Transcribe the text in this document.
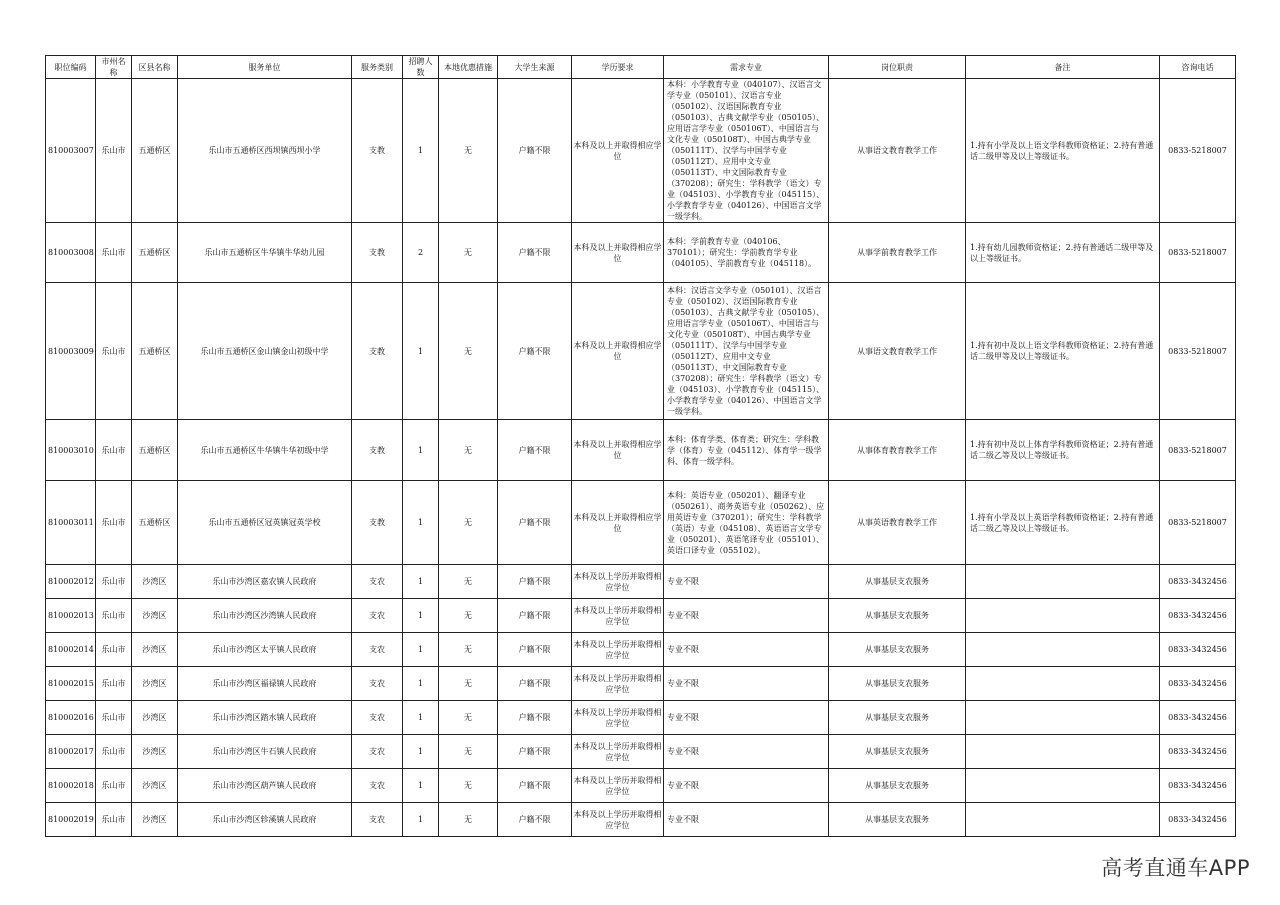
职位编码	市州名称	区县名称	服务单位	服务类别	招聘人数	本地优惠措施	大学生来源	学历要求	需求专业	岗位职责	备注	咨询电话
810003007	乐山市	五通桥区	乐山市五通桥区西坝镇西坝小学	支教	1	无	户籍不限	本科及以上并取得相应学位	本科：小学教育专业（040107）、汉语言文学专业（050101）、汉语言专业（050102）、汉语国际教育专业（050103）、古典文献学专业（050105）、应用语言学专业（050106T）、中国语言与文化专业（050108T）、中国古典学专业（050111T）、汉学与中国学专业（050112T）、应用中文专业（050113T）、中文国际教育专业（370208）；研究生：学科教学（语文）专业（045103）、小学教育专业（045115）、小学教育学专业（040126）、中国语言文学一级学科。	从事语文教育教学工作	1.持有小学及以上语文学科教师资格证；2.持有普通话二级甲等及以上等级证书。	0833-5218007
810003008	乐山市	五通桥区	乐山市五通桥区牛华镇牛华幼儿园	支教	2	无	户籍不限	本科及以上并取得相应学位	本科：学前教育专业（040106、370101）；研究生：学前教育学专业（040105）、学前教育专业（045118）。	从事学前教育教学工作	1.持有幼儿园教师资格证；2.持有普通话二级甲等及以上等级证书。	0833-5218007
810003009	乐山市	五通桥区	乐山市五通桥区金山镇金山初级中学	支教	1	无	户籍不限	本科及以上并取得相应学位	本科：汉语言文学专业（050101）、汉语言专业（050102）、汉语国际教育专业（050103）、古典文献学专业（050105）、应用语言学专业（050106T）、中国语言与文化专业（050108T）、中国古典学专业（050111T）、汉学与中国学专业（050112T）、应用中文专业（050113T）、中文国际教育专业（370208）；研究生：学科教学（语文）专业（045103）、小学教育专业（045115）、小学教育学专业（040126）、中国语言文学一级学科。	从事语文教育教学工作	1.持有初中及以上语文学科教师资格证；2.持有普通话二级甲等及以上等级证书。	0833-5218007
810003010	乐山市	五通桥区	乐山市五通桥区牛华镇牛华初级中学	支教	1	无	户籍不限	本科及以上并取得相应学位	本科：体育学类、体育类；研究生：学科教学（体育）专业（045112）、体育学一级学科、体育一级学科。	从事体育教育教学工作	1.持有初中及以上体育学科教师资格证；2.持有普通话二级乙等及以上等级证书。	0833-5218007
810003011	乐山市	五通桥区	乐山市五通桥区冠英镇冠英学校	支教	1	无	户籍不限	本科及以上并取得相应学位	本科：英语专业（050201）、翻译专业（050261）、商务英语专业（050262）、应用英语专业（370201）；研究生：学科教学（英语）专业（045108）、英语语言文学专业（050201）、英语笔译专业（055101）、英语口译专业（055102）。	从事英语教育教学工作	1.持有小学及以上英语学科教师资格证；2.持有普通话二级乙等及以上等级证书。	0833-5218007
810002012	乐山市	沙湾区	乐山市沙湾区嘉农镇人民政府	支农	1	无	户籍不限	本科及以上学历并取得相应学位	专业不限	从事基层支农服务		0833-3432456
810002013	乐山市	沙湾区	乐山市沙湾区沙湾镇人民政府	支农	1	无	户籍不限	本科及以上学历并取得相应学位	专业不限	从事基层支农服务		0833-3432456
810002014	乐山市	沙湾区	乐山市沙湾区太平镇人民政府	支农	1	无	户籍不限	本科及以上学历并取得相应学位	专业不限	从事基层支农服务		0833-3432456
810002015	乐山市	沙湾区	乐山市沙湾区福禄镇人民政府	支农	1	无	户籍不限	本科及以上学历并取得相应学位	专业不限	从事基层支农服务		0833-3432456
810002016	乐山市	沙湾区	乐山市沙湾区踏水镇人民政府	支农	1	无	户籍不限	本科及以上学历并取得相应学位	专业不限	从事基层支农服务		0833-3432456
810002017	乐山市	沙湾区	乐山市沙湾区牛石镇人民政府	支农	1	无	户籍不限	本科及以上学历并取得相应学位	专业不限	从事基层支农服务		0833-3432456
810002018	乐山市	沙湾区	乐山市沙湾区葫芦镇人民政府	支农	1	无	户籍不限	本科及以上学历并取得相应学位	专业不限	从事基层支农服务		0833-3432456
810002019	乐山市	沙湾区	乐山市沙湾区轸溪镇人民政府	支农	1	无	户籍不限	本科及以上学历并取得相应学位	专业不限	从事基层支农服务		0833-3432456
高考直通车APP
